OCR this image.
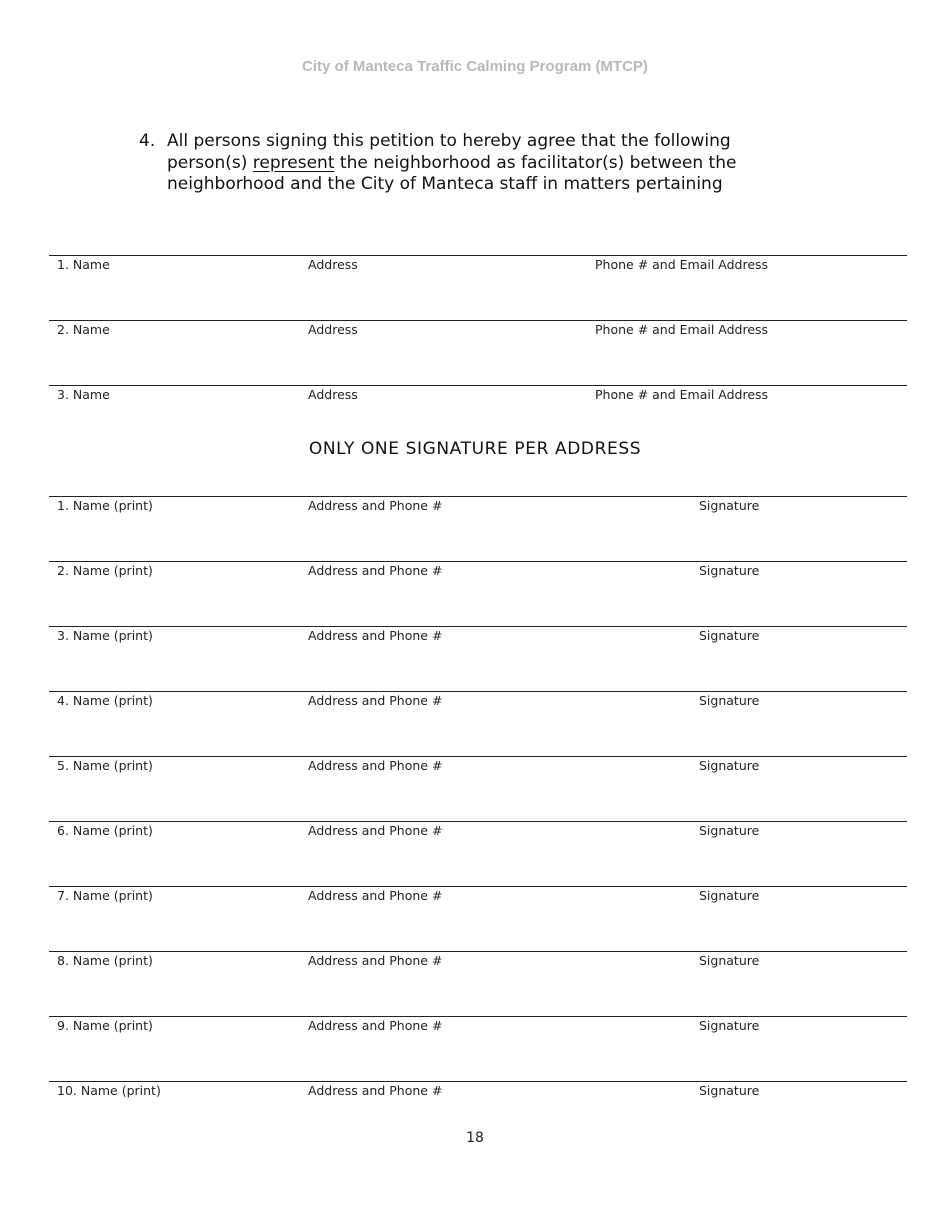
City of Manteca Traffic Calming Program (MTCP)
4. All persons signing this petition to hereby agree that the following
person(s) represent the neighborhood as facilitator(s) between the
neighborhood and the City of Manteca staff in matters pertaining
1. Name	Address	Phone # and Email Address
2. Name	Address	Phone # and Email Address
3. Name	Address	Phone # and Email Address
ONLY ONE SIGNATURE PER ADDRESS
1. Name (print)	Address and Phone #	Signature
2. Name (print)	Address and Phone #	Signature
3. Name (print)	Address and Phone #	Signature
4. Name (print)	Address and Phone #	Signature
5. Name (print)	Address and Phone #	Signature
6. Name (print)	Address and Phone #	Signature
7. Name (print)	Address and Phone #	Signature
8. Name (print)	Address and Phone #	Signature
9. Name (print)	Address and Phone #	Signature
10. Name (print)	Address and Phone #	Signature
18
